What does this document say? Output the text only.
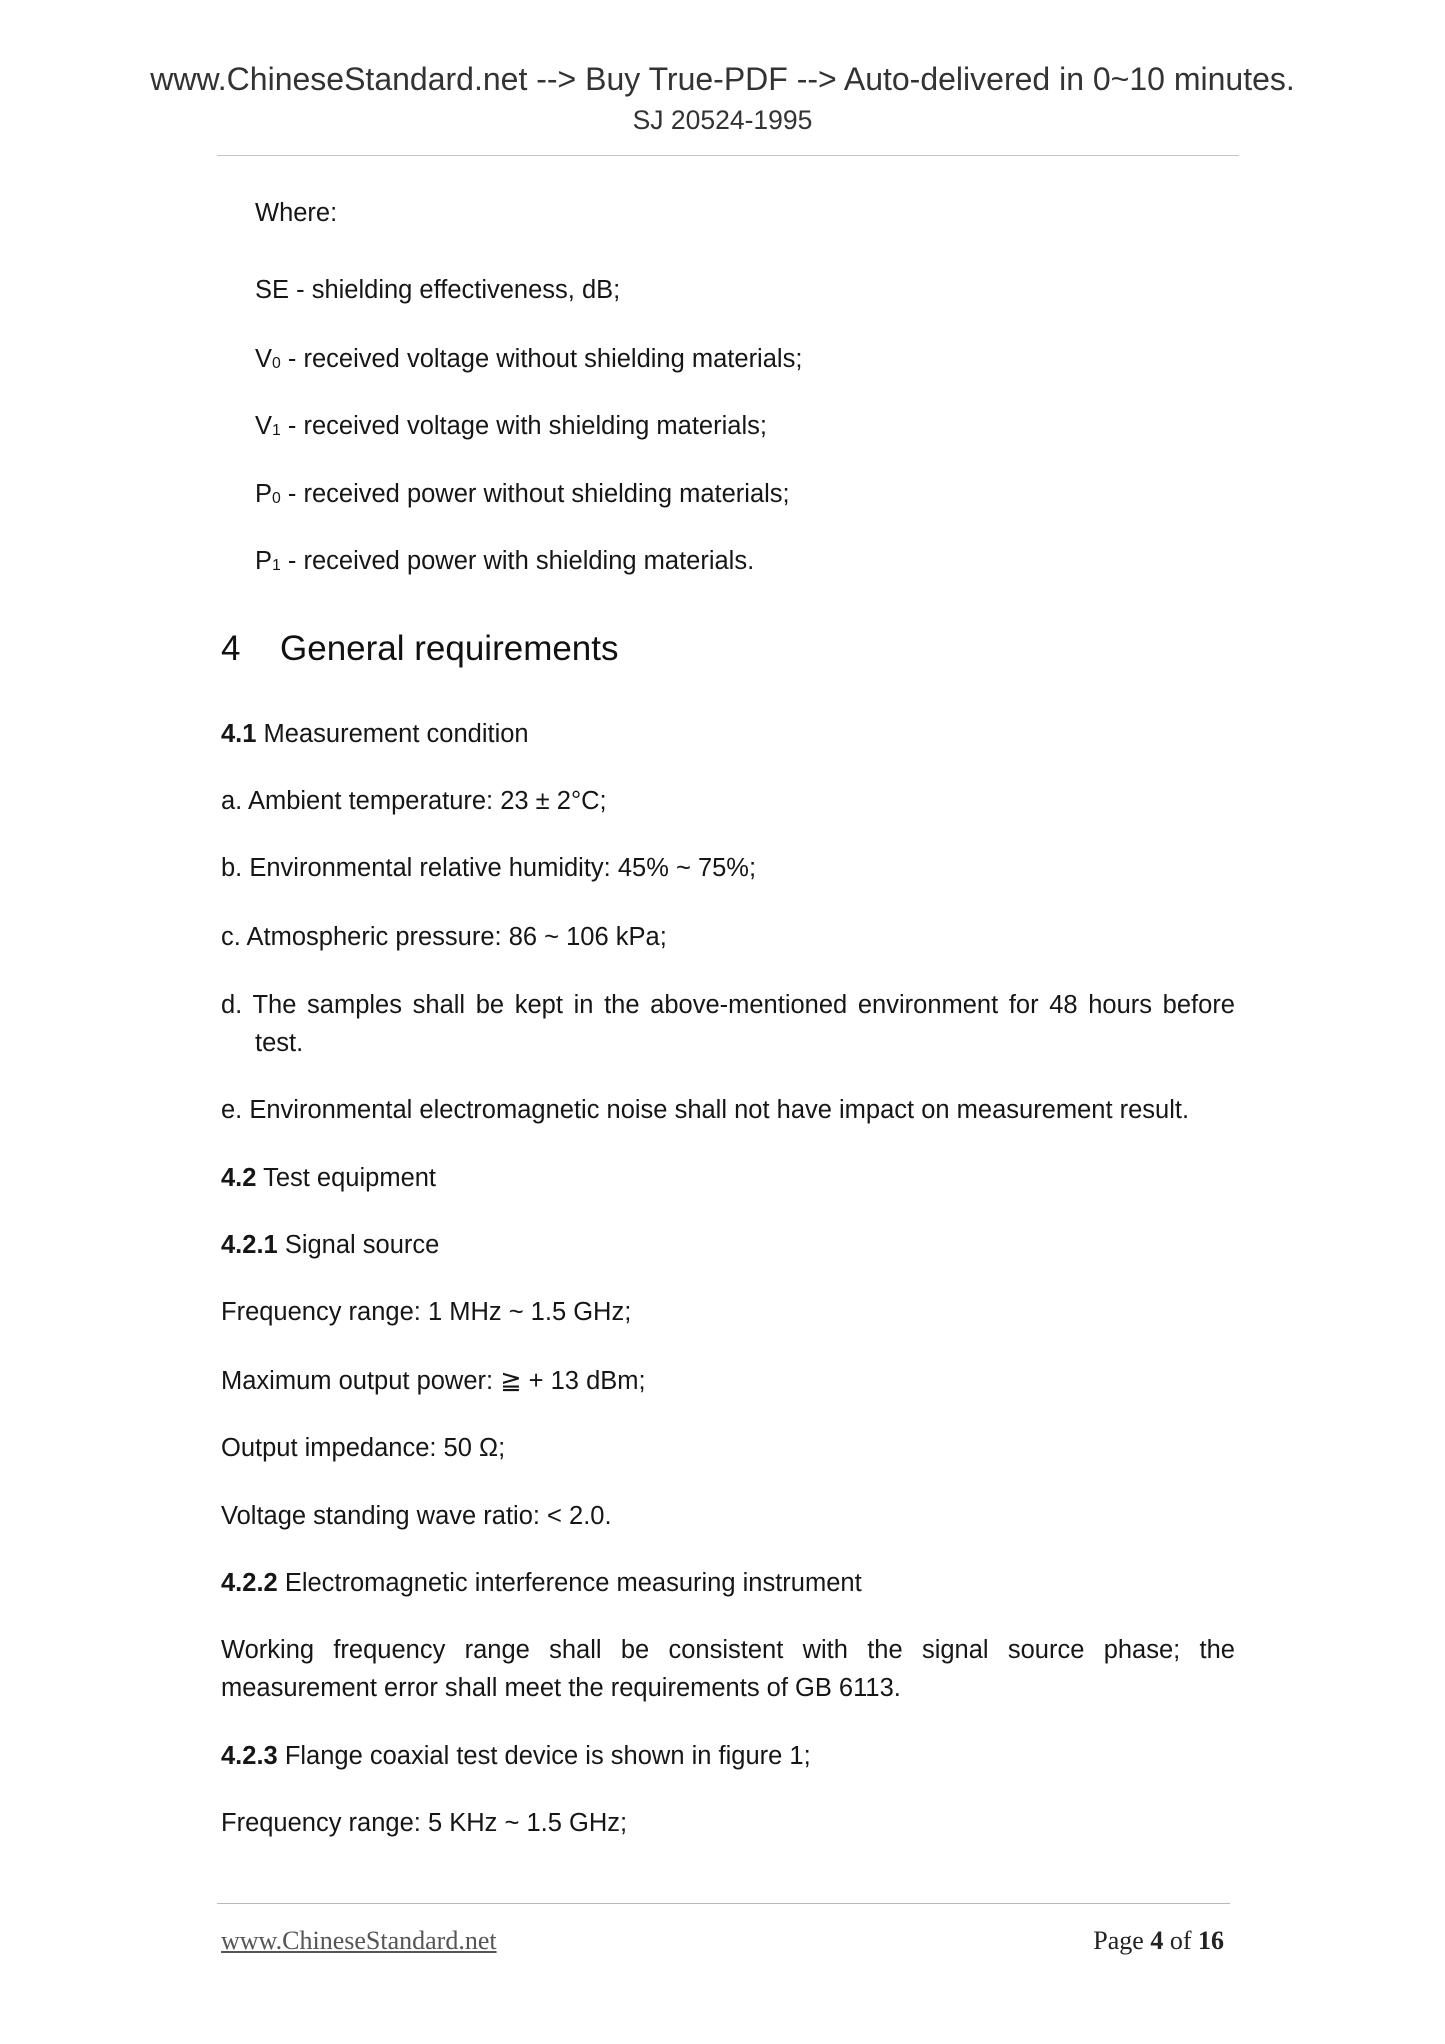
www.ChineseStandard.net --> Buy True-PDF --> Auto-delivered in 0~10 minutes.
SJ 20524-1995
Where:
SE - shielding effectiveness, dB;
V0 - received voltage without shielding materials;
V1 - received voltage with shielding materials;
P0 - received power without shielding materials;
P1 - received power with shielding materials.
4 General requirements
4.1 Measurement condition
a. Ambient temperature: 23 ± 2°C;
b. Environmental relative humidity: 45% ~ 75%;
c. Atmospheric pressure: 86 ~ 106 kPa;
d. The samples shall be kept in the above-mentioned environment for 48 hours before
test.
e. Environmental electromagnetic noise shall not have impact on measurement result.
4.2 Test equipment
4.2.1 Signal source
Frequency range: 1 MHz ~ 1.5 GHz;
Maximum output power: ≧ + 13 dBm;
Output impedance: 50 Ω;
Voltage standing wave ratio: < 2.0.
4.2.2 Electromagnetic interference measuring instrument
Working frequency range shall be consistent with the signal source phase; the
measurement error shall meet the requirements of GB 6113.
4.2.3 Flange coaxial test device is shown in figure 1;
Frequency range: 5 KHz ~ 1.5 GHz;
www.ChineseStandard.net	Page 4 of 16
